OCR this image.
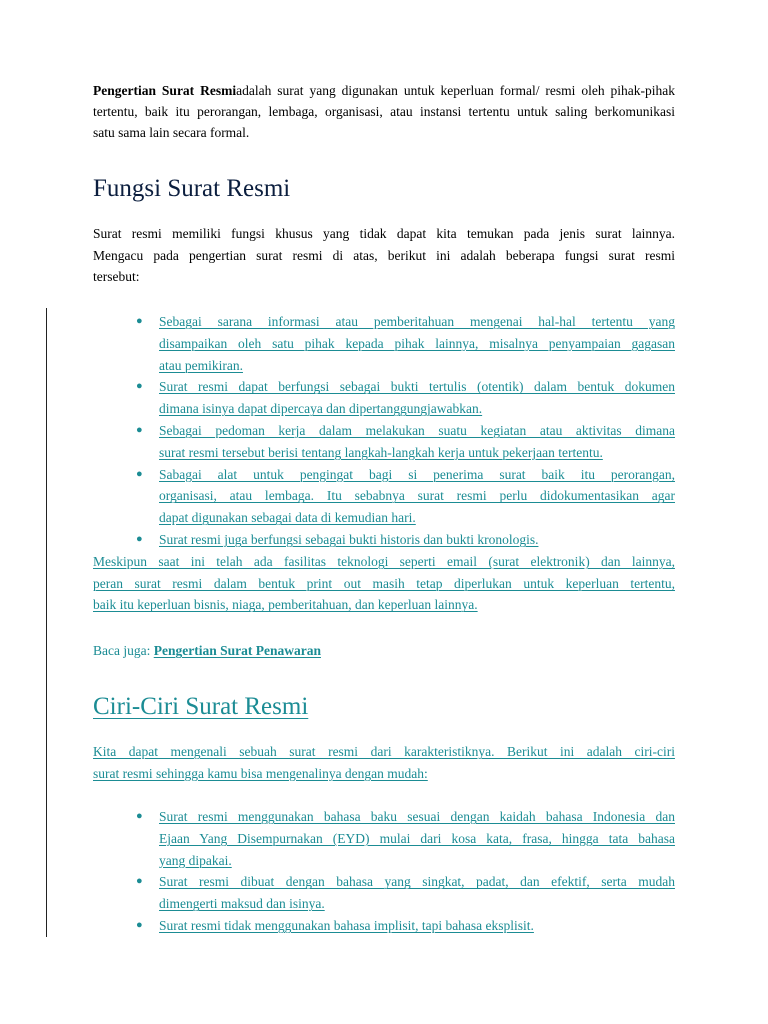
Pengertian Surat Resmiadalah surat yang digunakan untuk keperluan formal/ resmi oleh pihak-pihak
tertentu, baik itu perorangan, lembaga, organisasi, atau instansi tertentu untuk saling berkomunikasi
satu sama lain secara formal.
Fungsi Surat Resmi
Surat resmi memiliki fungsi khusus yang tidak dapat kita temukan pada jenis surat lainnya.
Mengacu pada pengertian surat resmi di atas, berikut ini adalah beberapa fungsi surat resmi
tersebut:
● Sebagai sarana informasi atau pemberitahuan mengenai hal-hal tertentu yang
disampaikan oleh satu pihak kepada pihak lainnya, misalnya penyampaian gagasan
atau pemikiran.
● Surat resmi dapat berfungsi sebagai bukti tertulis (otentik) dalam bentuk dokumen
dimana isinya dapat dipercaya dan dipertanggungjawabkan.
● Sebagai pedoman kerja dalam melakukan suatu kegiatan atau aktivitas dimana
surat resmi tersebut berisi tentang langkah-langkah kerja untuk pekerjaan tertentu.
● Sabagai alat untuk pengingat bagi si penerima surat baik itu perorangan,
organisasi, atau lembaga. Itu sebabnya surat resmi perlu didokumentasikan agar
dapat digunakan sebagai data di kemudian hari.
● Surat resmi juga berfungsi sebagai bukti historis dan bukti kronologis.
Meskipun saat ini telah ada fasilitas teknologi seperti email (surat elektronik) dan lainnya,
peran surat resmi dalam bentuk print out masih tetap diperlukan untuk keperluan tertentu,
baik itu keperluan bisnis, niaga, pemberitahuan, dan keperluan lainnya.
Baca juga: Pengertian Surat Penawaran
Ciri-Ciri Surat Resmi
Kita dapat mengenali sebuah surat resmi dari karakteristiknya. Berikut ini adalah ciri-ciri
surat resmi sehingga kamu bisa mengenalinya dengan mudah:
● Surat resmi menggunakan bahasa baku sesuai dengan kaidah bahasa Indonesia dan
Ejaan Yang Disempurnakan (EYD) mulai dari kosa kata, frasa, hingga tata bahasa
yang dipakai.
● Surat resmi dibuat dengan bahasa yang singkat, padat, dan efektif, serta mudah
dimengerti maksud dan isinya.
● Surat resmi tidak menggunakan bahasa implisit, tapi bahasa eksplisit.
